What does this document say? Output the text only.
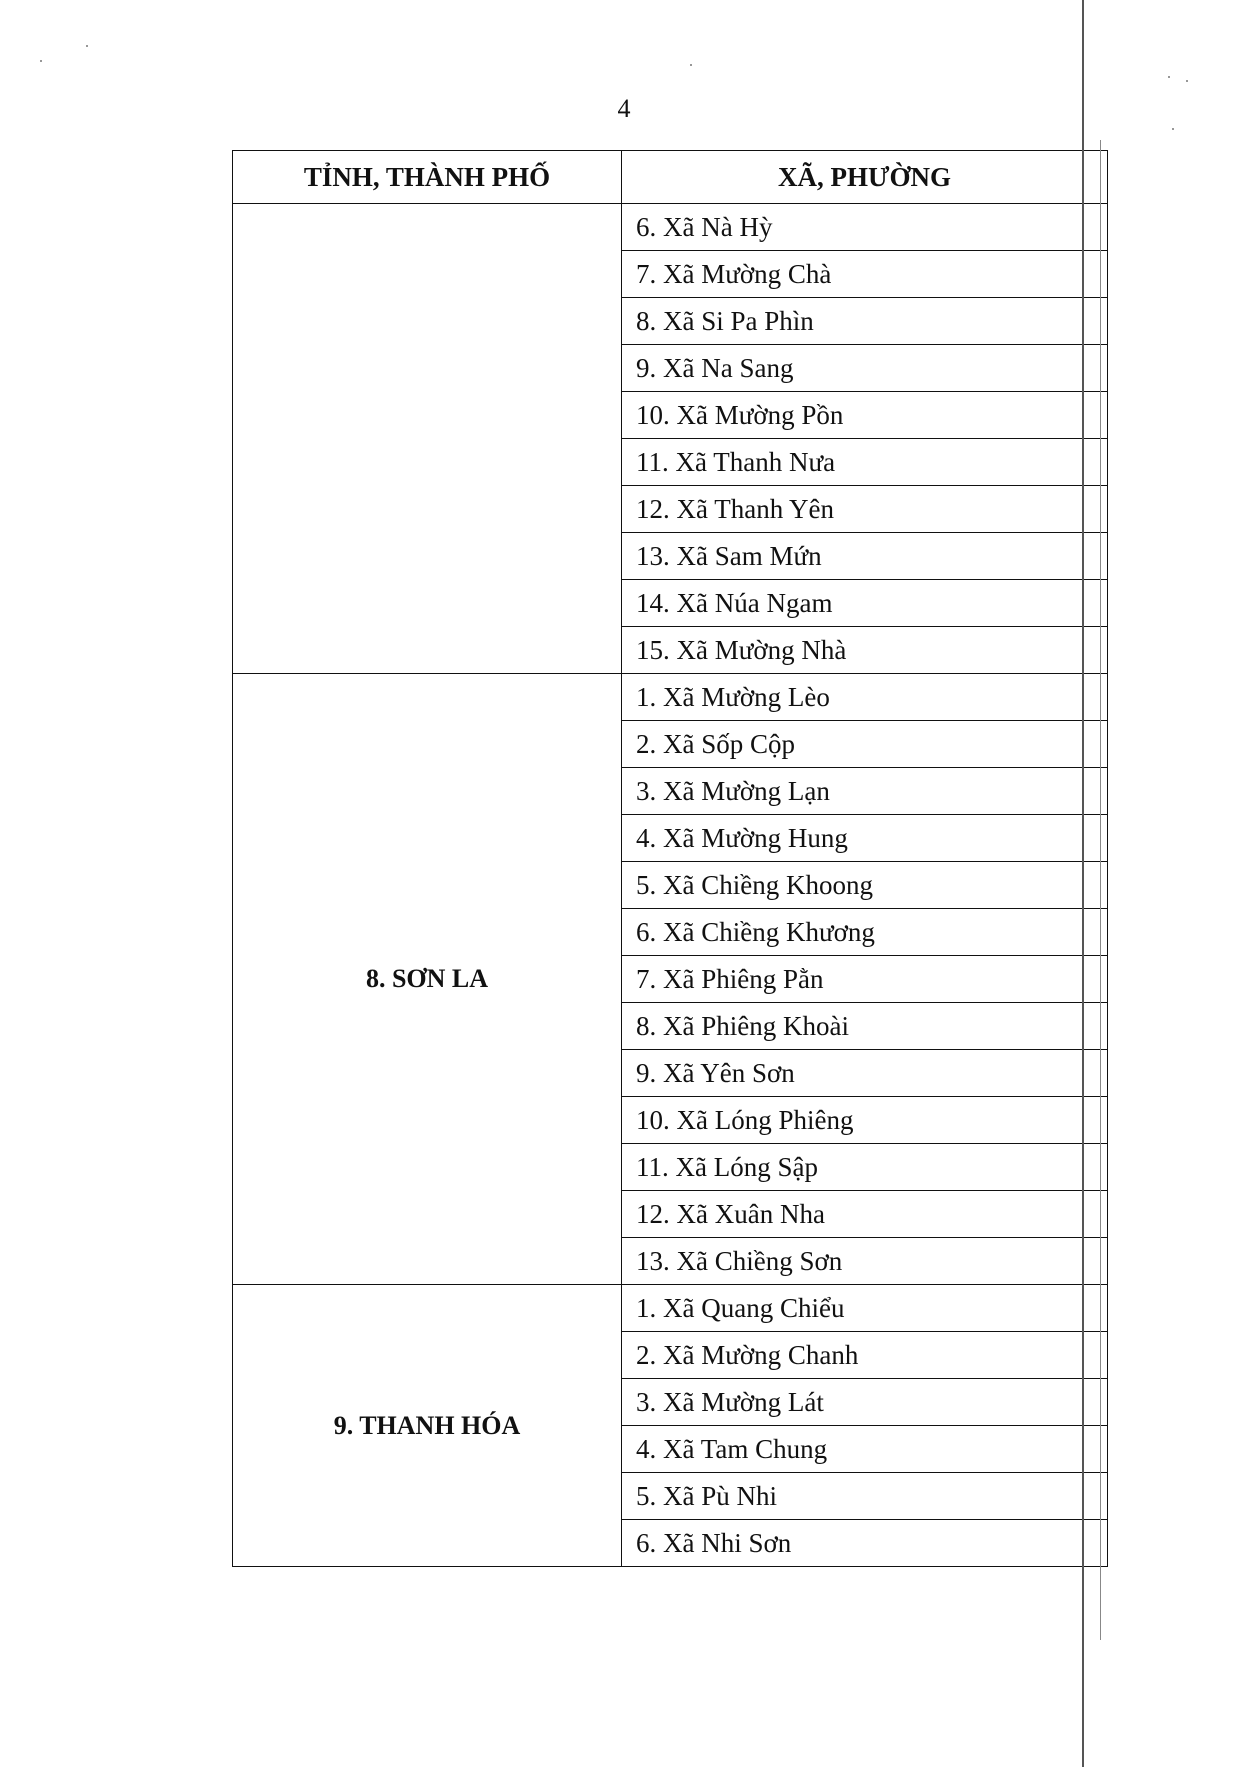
4
TỈNH, THÀNH PHỐ	XÃ, PHƯỜNG
	6. Xã Nà Hỳ
	7. Xã Mường Chà
	8. Xã Si Pa Phìn
	9. Xã Na Sang
	10. Xã Mường Pồn
	11. Xã Thanh Nưa
	12. Xã Thanh Yên
	13. Xã Sam Mứn
	14. Xã Núa Ngam
	15. Xã Mường Nhà
8. SƠN LA	1. Xã Mường Lèo
	2. Xã Sốp Cộp
	3. Xã Mường Lạn
	4. Xã Mường Hung
	5. Xã Chiềng Khoong
	6. Xã Chiềng Khương
	7. Xã Phiêng Pằn
	8. Xã Phiêng Khoài
	9. Xã Yên Sơn
	10. Xã Lóng Phiêng
	11. Xã Lóng Sập
	12. Xã Xuân Nha
	13. Xã Chiềng Sơn
9. THANH HÓA	1. Xã Quang Chiểu
	2. Xã Mường Chanh
	3. Xã Mường Lát
	4. Xã Tam Chung
	5. Xã Pù Nhi
	6. Xã Nhi Sơn
